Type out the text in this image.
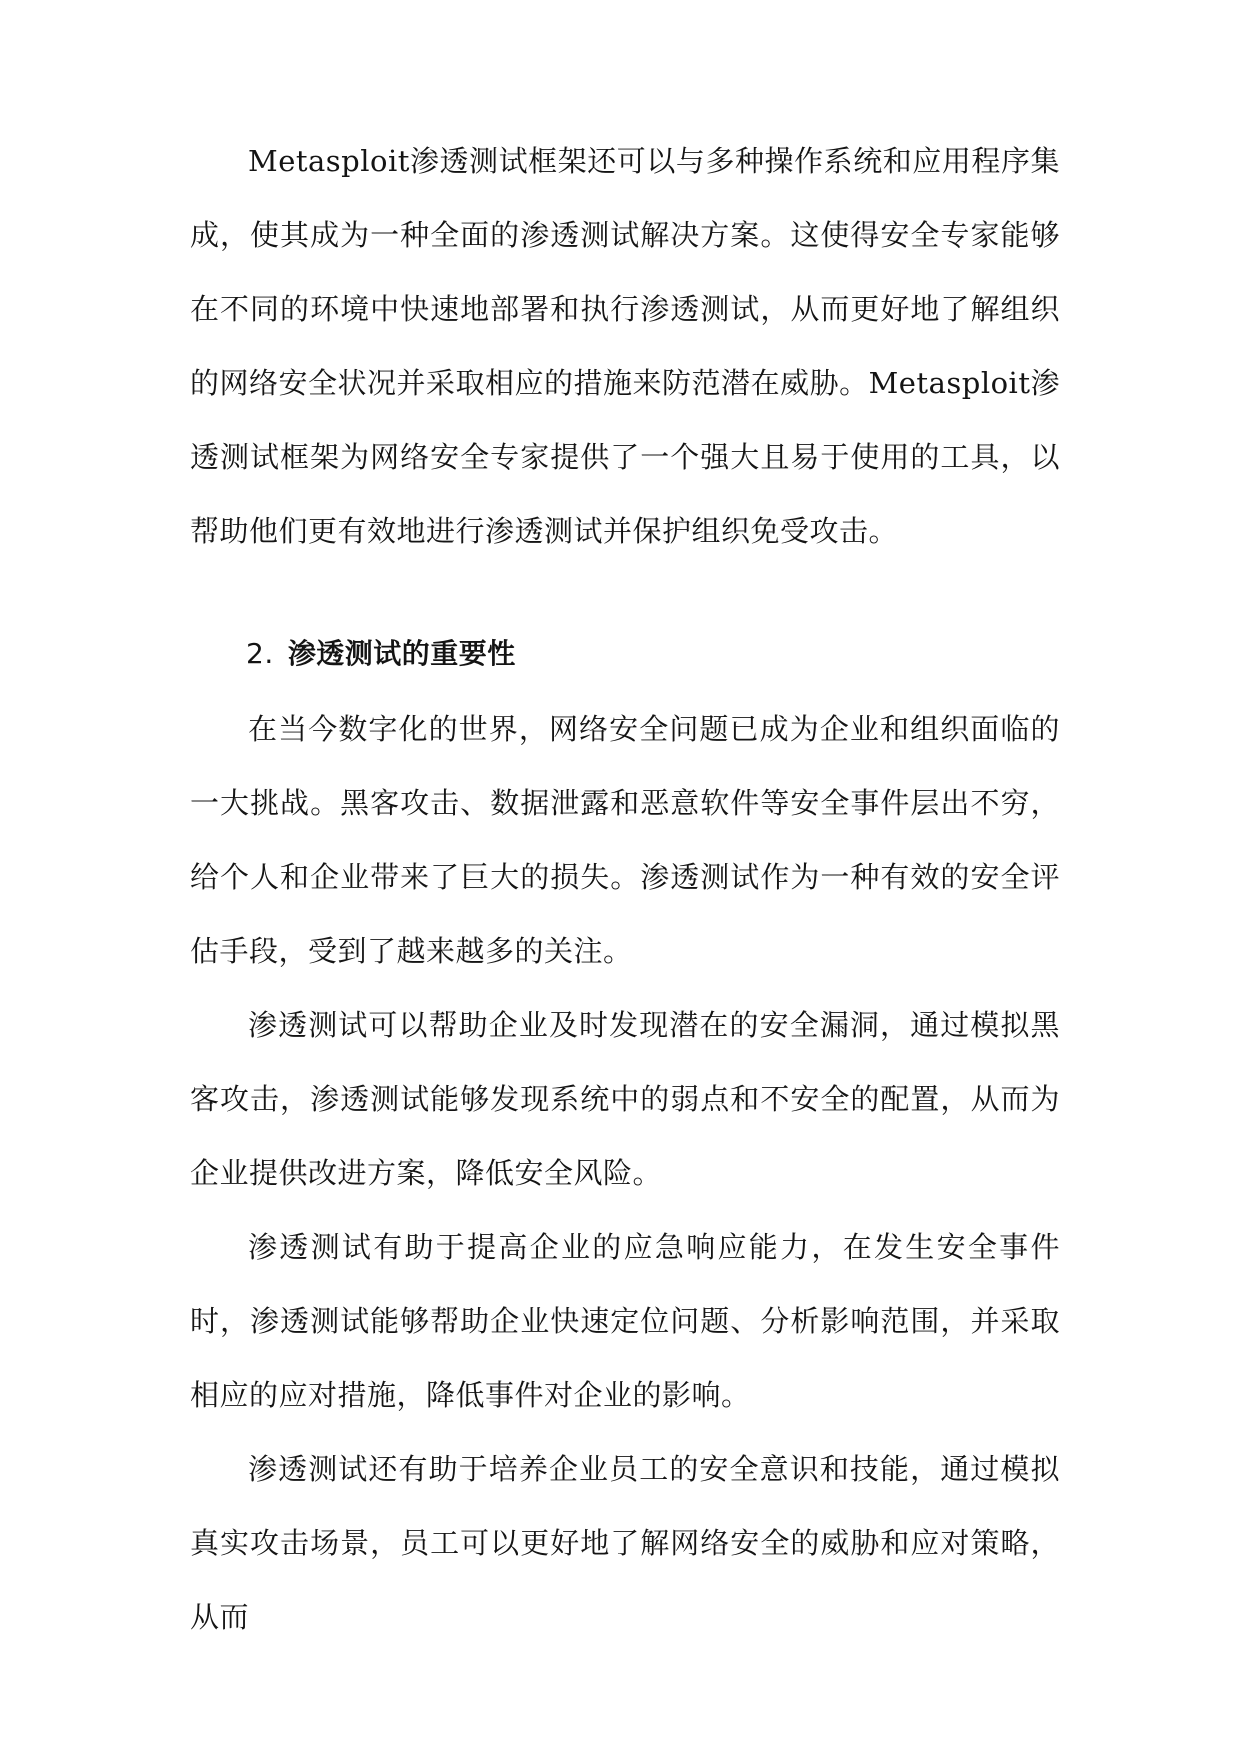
Metasploit渗透测试框架还可以与多种操作系统和应用程序集成，使其成为一种全面的渗透测试解决方案。这使得安全专家能够在不同的环境中快速地部署和执行渗透测试，从而更好地了解组织的网络安全状况并采取相应的措施来防范潜在威胁。Metasploit渗透测试框架为网络安全专家提供了一个强大且易于使用的工具，以帮助他们更有效地进行渗透测试并保护组织免受攻击。

2. 渗透测试的重要性

在当今数字化的世界，网络安全问题已成为企业和组织面临的一大挑战。黑客攻击、数据泄露和恶意软件等安全事件层出不穷，给个人和企业带来了巨大的损失。渗透测试作为一种有效的安全评估手段，受到了越来越多的关注。

渗透测试可以帮助企业及时发现潜在的安全漏洞，通过模拟黑客攻击，渗透测试能够发现系统中的弱点和不安全的配置，从而为企业提供改进方案，降低安全风险。

渗透测试有助于提高企业的应急响应能力，在发生安全事件时，渗透测试能够帮助企业快速定位问题、分析影响范围，并采取相应的应对措施，降低事件对企业的影响。

渗透测试还有助于培养企业员工的安全意识和技能，通过模拟真实攻击场景，员工可以更好地了解网络安全的威胁和应对策略，从而
